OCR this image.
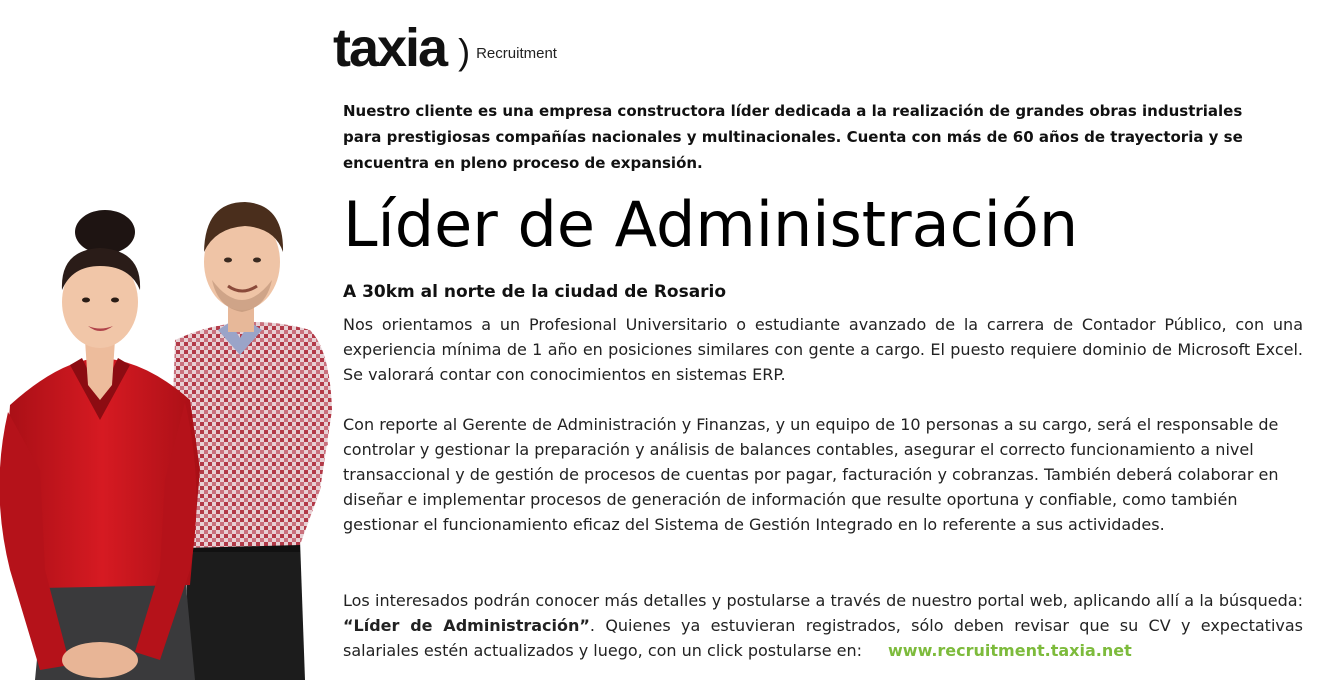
taxia ) Recruitment
Nuestro cliente es una empresa constructora líder dedicada a la realización de grandes obras industriales para prestigiosas compañías nacionales y multinacionales. Cuenta con más de 60 años de trayectoria y se encuentra en pleno proceso de expansión.
Líder de Administración
A 30km al norte de la ciudad de Rosario
Nos orientamos a un Profesional Universitario o estudiante avanzado de la carrera de Contador Público, con una experiencia mínima de 1 año en posiciones similares con gente a cargo. El puesto requiere dominio de Microsoft Excel. Se valorará contar con conocimientos en sistemas ERP.
Con reporte al Gerente de Administración y Finanzas, y un equipo de 10 personas a su cargo, será el responsable de controlar y gestionar la preparación y análisis de balances contables, asegurar el correcto funcionamiento a nivel transaccional y de gestión de procesos de cuentas por pagar, facturación y cobranzas. También deberá colaborar en diseñar e implementar procesos de generación de información que resulte oportuna y confiable, como también gestionar el funcionamiento eficaz del Sistema de Gestión Integrado en lo referente a sus actividades.
Los interesados podrán conocer más detalles y postularse a través de nuestro portal web, aplicando allí a la búsqueda: “Líder de Administración”. Quienes ya estuvieran registrados, sólo deben revisar que su CV y expectativas salariales estén actualizados y luego, con un click postularse en: www.recruitment.taxia.net
